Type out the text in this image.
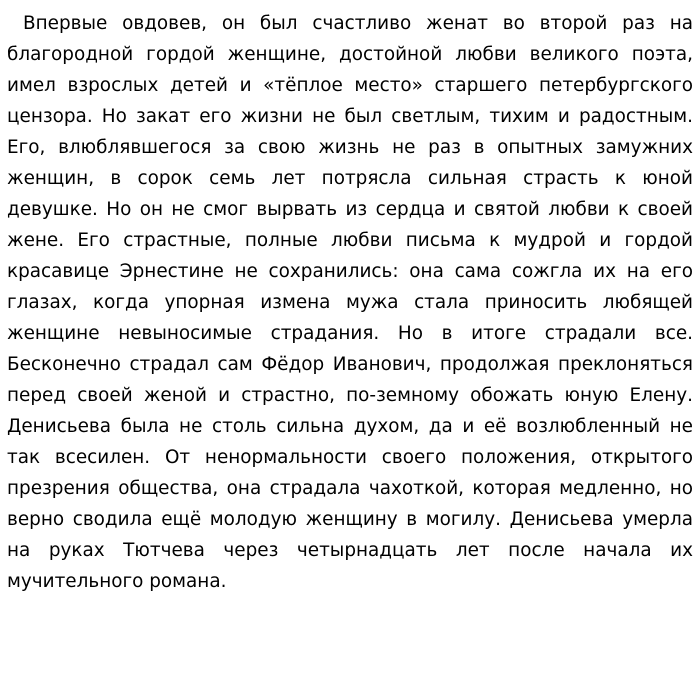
Впервые овдовев, он был счастливо женат во второй раз на благородной гордой женщине, достойной любви великого поэта, имел взрослых детей и «тёплое место» старшего петербургского цензора. Но закат его жизни не был светлым, тихим и радостным. Его, влюблявшегося за свою жизнь не раз в опытных замужних женщин, в сорок семь лет потрясла сильная страсть к юной девушке. Но он не смог вырвать из сердца и святой любви к своей жене. Его страстные, полные любви письма к мудрой и гордой красавице Эрнестине не сохранились: она сама сожгла их на его глазах, когда упорная измена мужа стала приносить любящей женщине невыносимые страдания. Но в итоге страдали все. Бесконечно страдал сам Фёдор Иванович, продолжая преклоняться перед своей женой и страстно, по-земному обожать юную Елену. Денисьева была не столь сильна духом, да и её возлюбленный не так всесилен. От ненормальности своего положения, открытого презрения общества, она страдала чахоткой, которая медленно, но верно сводила ещё молодую женщину в могилу. Денисьева умерла на руках Тютчева через четырнадцать лет после начала их мучительного романа.
